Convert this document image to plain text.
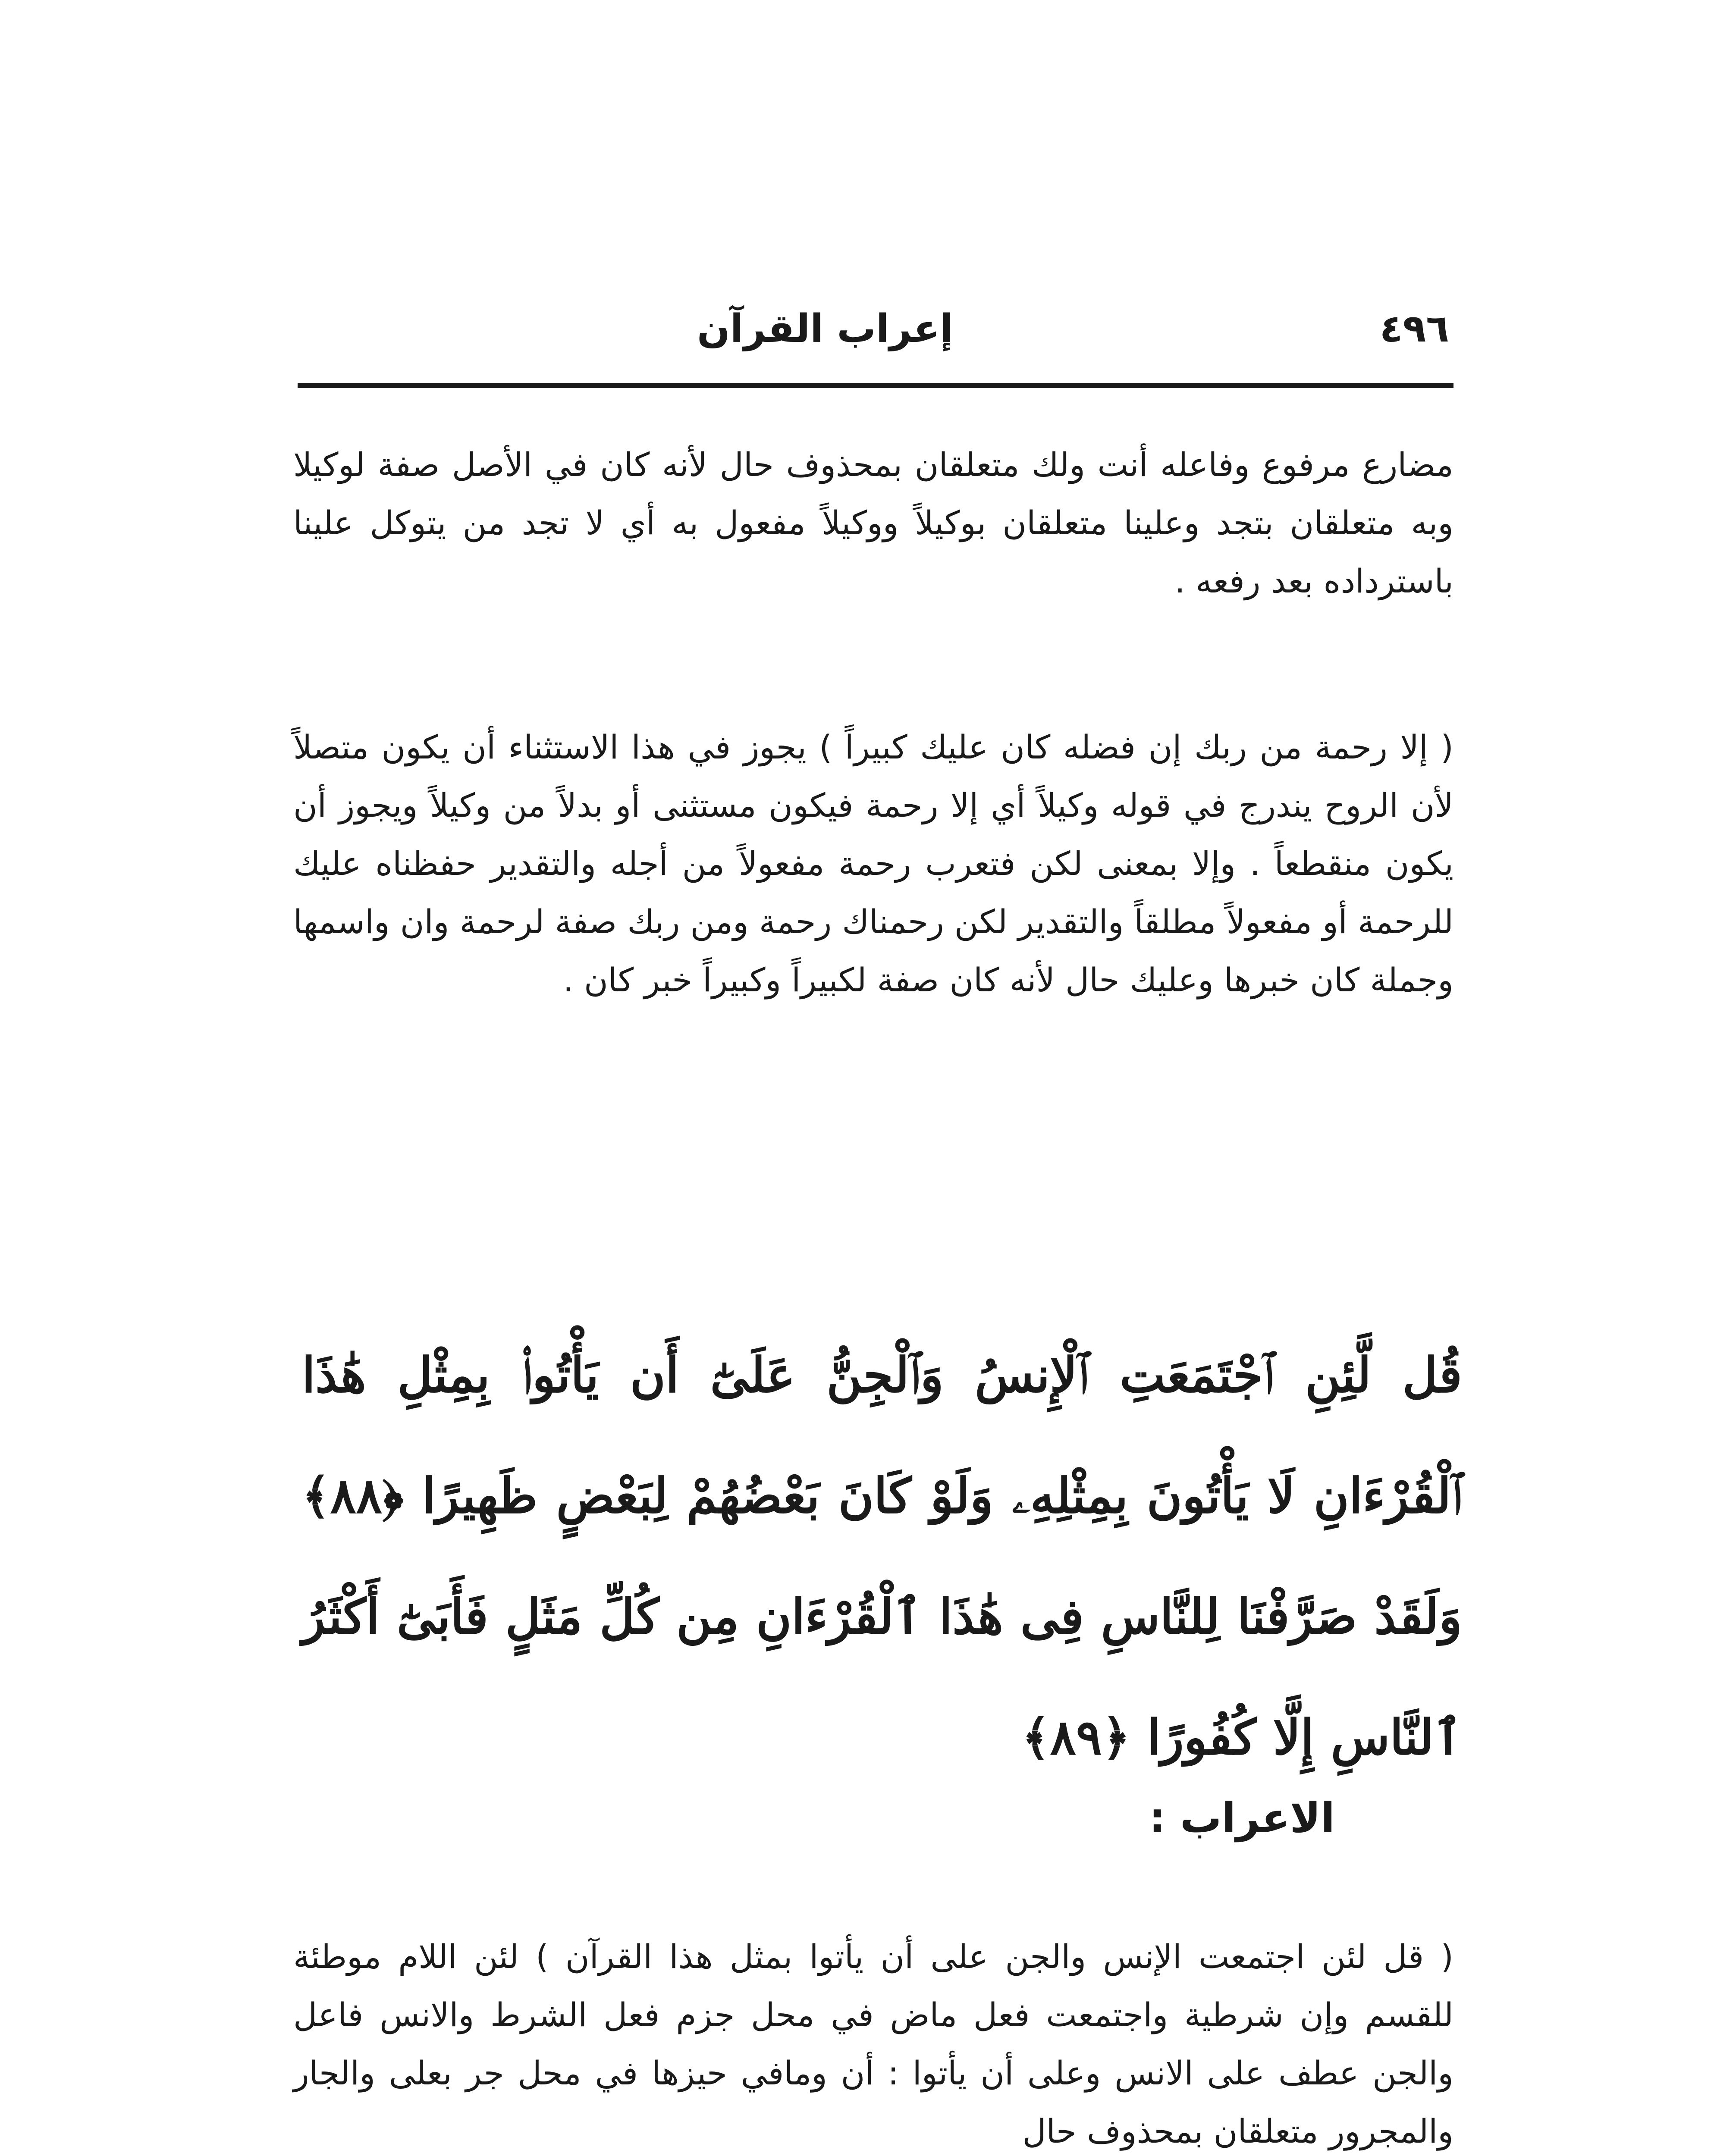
٤٩٦
إعراب القرآن
مضارع مرفوع وفاعله أنت ولك متعلقان بمحذوف حال لأنه كان في الأصل صفة لوكيلا وبه متعلقان بتجد وعلينا متعلقان بوكيلاً ووكيلاً مفعول به أي لا تجد من يتوكل علينا باسترداده بعد رفعه .
( إلا رحمة من ربك إن فضله كان عليك كبيراً ) يجوز في هذا الاستثناء أن يكون متصلاً لأن الروح يندرج في قوله وكيلاً أي إلا رحمة فيكون مستثنى أو بدلاً من وكيلاً ويجوز أن يكون منقطعاً . وإلا بمعنى لكن فتعرب رحمة مفعولاً من أجله والتقدير حفظناه عليك للرحمة أو مفعولاً مطلقاً والتقدير لكن رحمناك رحمة ومن ربك صفة لرحمة وان واسمها وجملة كان خبرها وعليك حال لأنه كان صفة لكبيراً وكبيراً خبر كان .
قُل لَّئِنِ ٱجْتَمَعَتِ ٱلْإِنسُ وَٱلْجِنُّ عَلَىٰٓ أَن يَأْتُوا۟ بِمِثْلِ هَٰذَا ٱلْقُرْءَانِ لَا يَأْتُونَ بِمِثْلِهِۦ وَلَوْ كَانَ بَعْضُهُمْ لِبَعْضٍ ظَهِيرًا ﴿٨٨﴾ وَلَقَدْ صَرَّفْنَا لِلنَّاسِ فِى هَٰذَا ٱلْقُرْءَانِ مِن كُلِّ مَثَلٍ فَأَبَىٰٓ أَكْثَرُ ٱلنَّاسِ إِلَّا كُفُورًا ﴿٨٩﴾
الاعراب :
( قل لئن اجتمعت الإنس والجن على أن يأتوا بمثل هذا القرآن ) لئن اللام موطئة للقسم وإن شرطية واجتمعت فعل ماض في محل جزم فعل الشرط والانس فاعل والجن عطف على الانس وعلى أن يأتوا : أن ومافي حيزها في محل جر بعلى والجار والمجرور متعلقان بمحذوف حال
